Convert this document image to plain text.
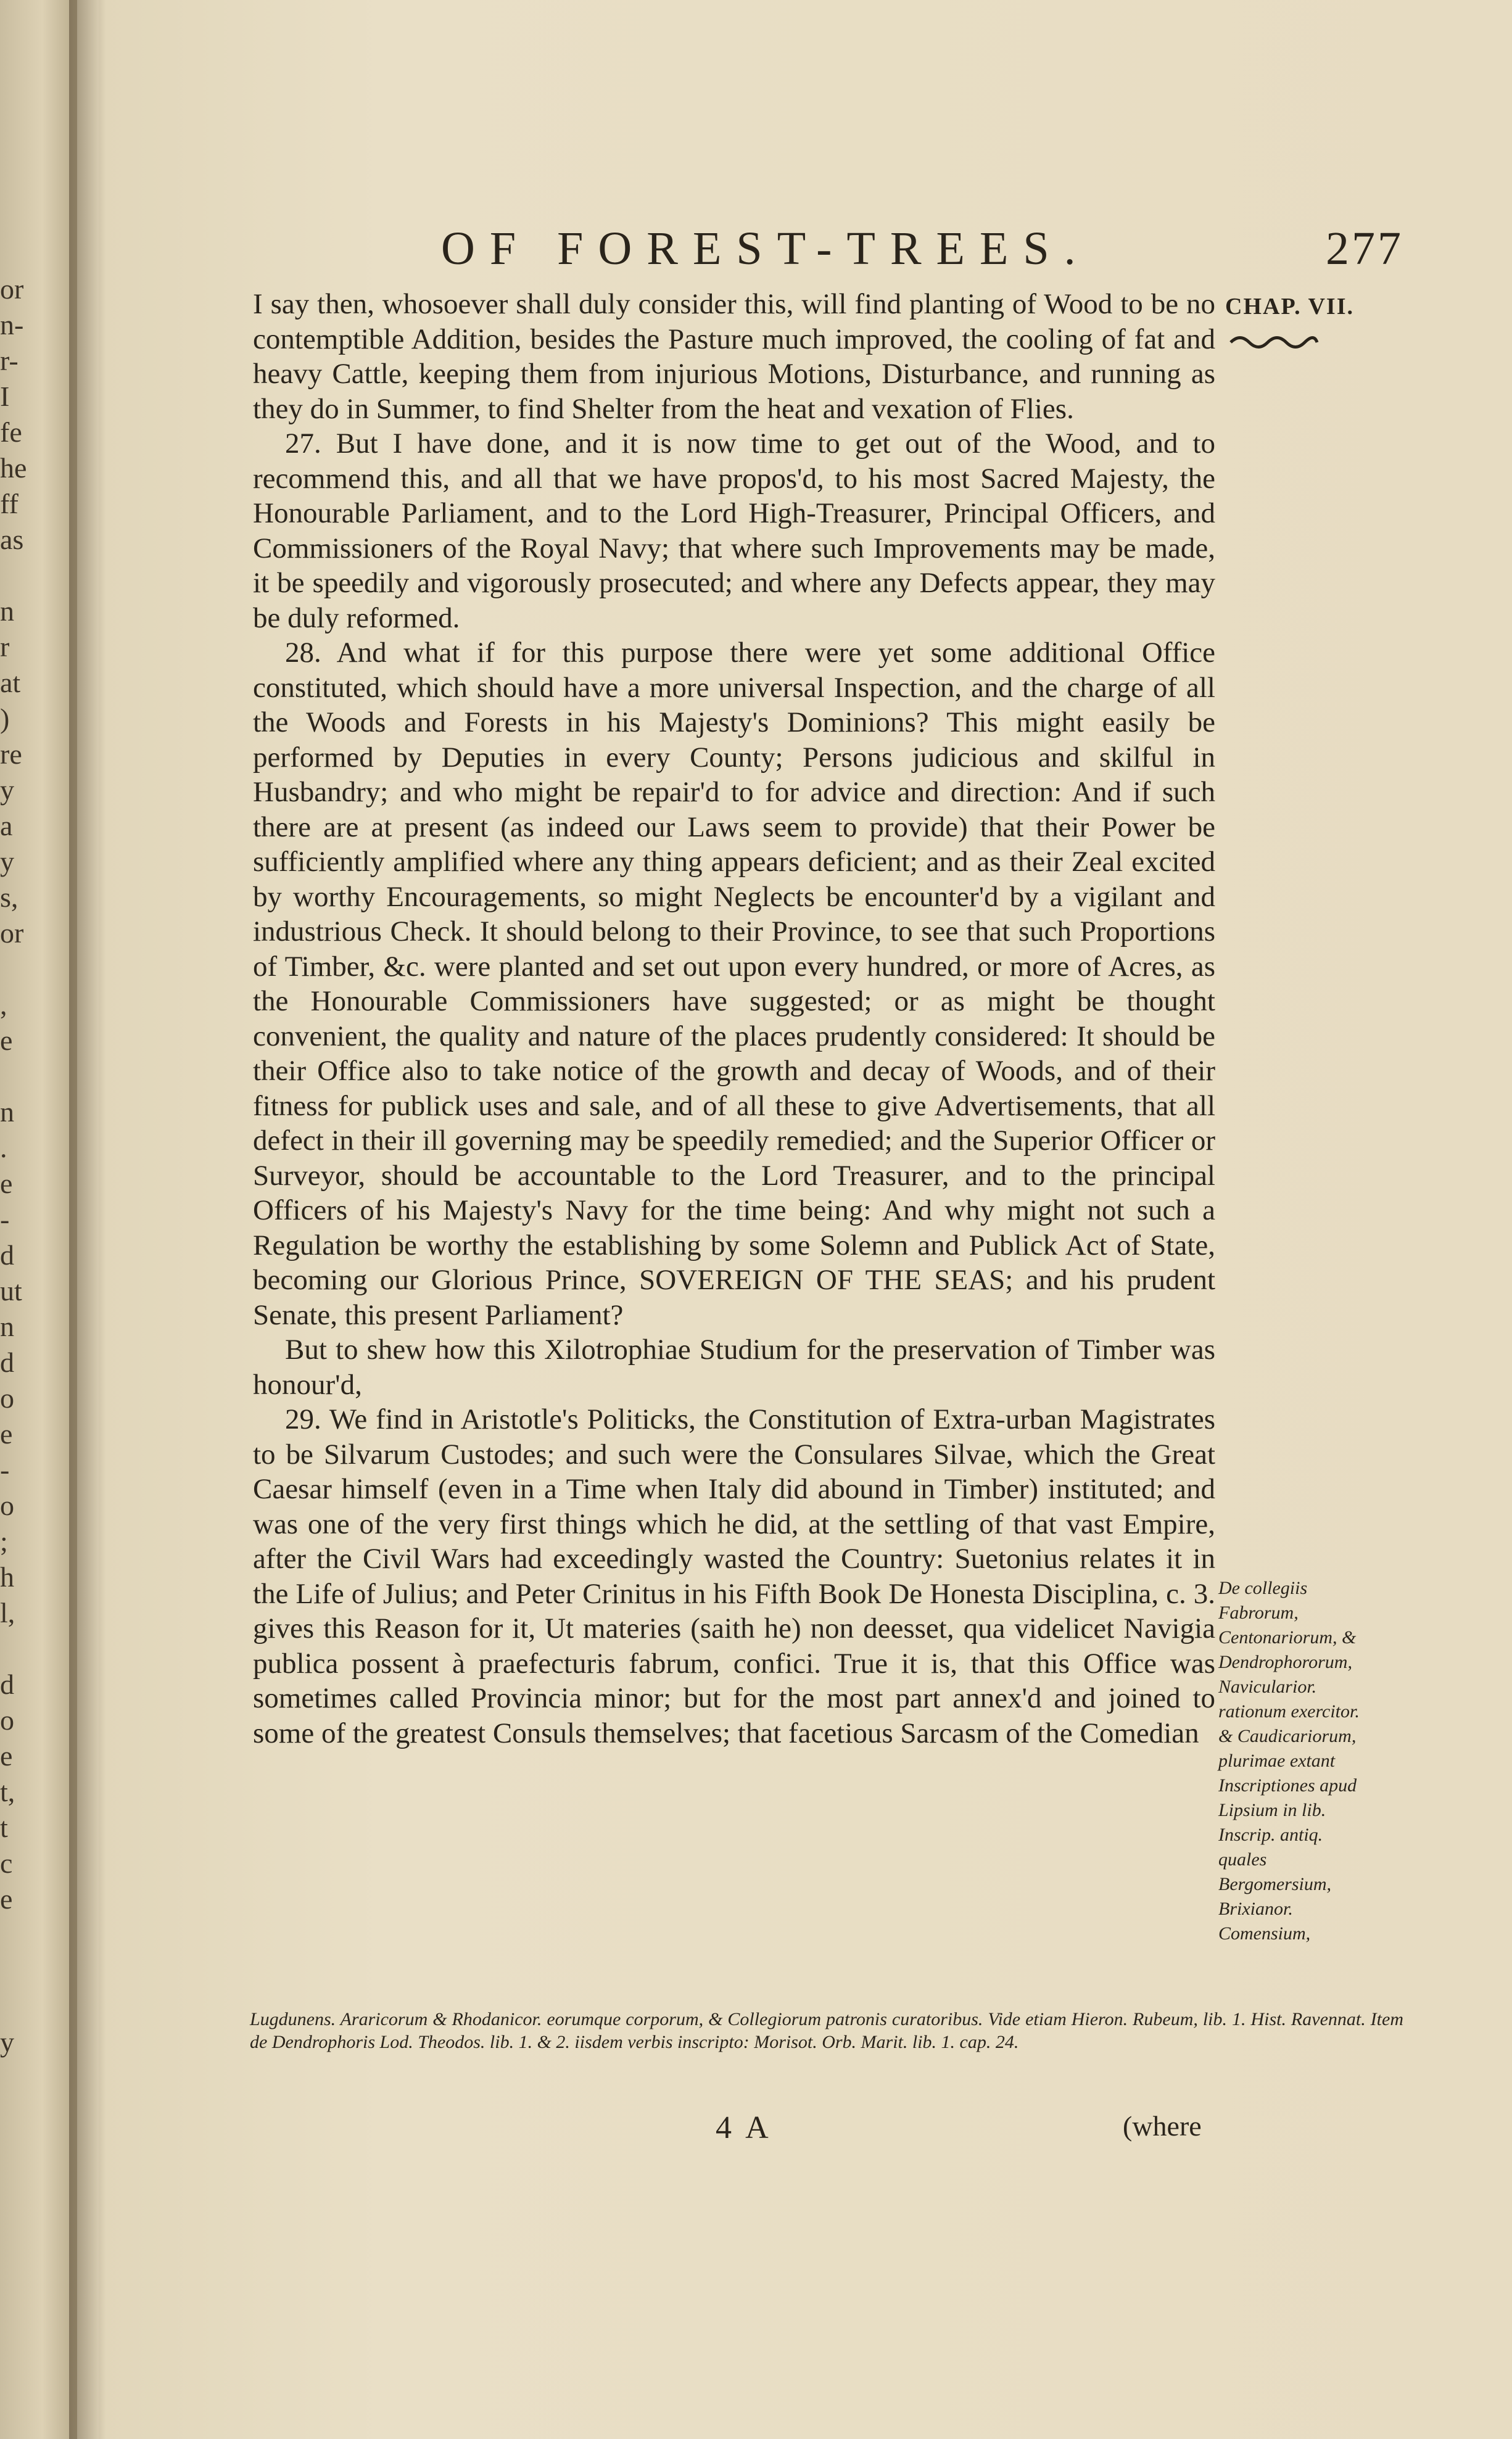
or
n-
r-
I
fe
he
ff
as
n
r
at
)
re
y
a
y
s,
or
,
e
n
.
e
-
d
ut
n
d
o
e
-
o
;
h
l,
d
o
e
t,
t
c
e
y
OF FOREST-TREES.	277

I say then, whosoever shall duly consider this, will find planting of Wood to be no contemptible Addition, besides the Pasture much improved, the cooling of fat and heavy Cattle, keeping them from injurious Motions, Disturbance, and running as they do in Summer, to find Shelter from the heat and vexation of Flies.

27. But I have done, and it is now time to get out of the Wood, and to recommend this, and all that we have propos'd, to his most Sacred Majesty, the Honourable Parliament, and to the Lord High-Treasurer, Principal Officers, and Commissioners of the Royal Navy; that where such Improvements may be made, it be speedily and vigorously prosecuted; and where any Defects appear, they may be duly reformed.

28. And what if for this purpose there were yet some additional Office constituted, which should have a more universal Inspection, and the charge of all the Woods and Forests in his Majesty's Dominions? This might easily be performed by Deputies in every County; Persons judicious and skilful in Husbandry; and who might be repair'd to for advice and direction: And if such there are at present (as indeed our Laws seem to provide) that their Power be sufficiently amplified where any thing appears deficient; and as their Zeal excited by worthy Encouragements, so might Neglects be encounter'd by a vigilant and industrious Check. It should belong to their Province, to see that such Proportions of Timber, &c. were planted and set out upon every hundred, or more of Acres, as the Honourable Commissioners have suggested; or as might be thought convenient, the quality and nature of the places prudently considered: It should be their Office also to take notice of the growth and decay of Woods, and of their fitness for publick uses and sale, and of all these to give Advertisements, that all defect in their ill governing may be speedily remedied; and the Superior Officer or Surveyor, should be accountable to the Lord Treasurer, and to the principal Officers of his Majesty's Navy for the time being: And why might not such a Regulation be worthy the establishing by some Solemn and Publick Act of State, becoming our Glorious Prince, SOVEREIGN OF THE SEAS; and his prudent Senate, this present Parliament?

But to shew how this Xilotrophiae Studium for the preservation of Timber was honour'd,

29. We find in Aristotle's Politicks, the Constitution of Extra-urban Magistrates to be Silvarum Custodes; and such were the Consulares Silvae, which the Great Caesar himself (even in a Time when Italy did abound in Timber) instituted; and was one of the very first things which he did, at the settling of that vast Empire, after the Civil Wars had exceedingly wasted the Country: Suetonius relates it in the Life of Julius; and Peter Crinitus in his Fifth Book De Honesta Disciplina, c. 3. gives this Reason for it, Ut materies (saith he) non deesset, qua videlicet Navigia publica possent à praefecturis fabrum, confici. True it is, that this Office was sometimes called Provincia minor; but for the most part annex'd and joined to some of the greatest Consuls themselves; that facetious Sarcasm of the Comedian

CHAP. VII.
De collegiis Fabrorum, Centonariorum, & Dendrophororum, Navicularior. rationum exercitor. & Caudicariorum, plurimae extant Inscriptiones apud Lipsium in lib. Inscrip. antiq. quales Bergomersium, Brixianor. Comensium,
Lugdunens. Araricorum & Rhodanicor. eorumque corporum, & Collegiorum patronis curatoribus. Vide etiam Hieron. Rubeum, lib. 1. Hist. Ravennat. Item de Dendrophoris Lod. Theodos. lib. 1. & 2. iisdem verbis inscripto: Morisot. Orb. Marit. lib. 1. cap. 24.
4 A	(where
